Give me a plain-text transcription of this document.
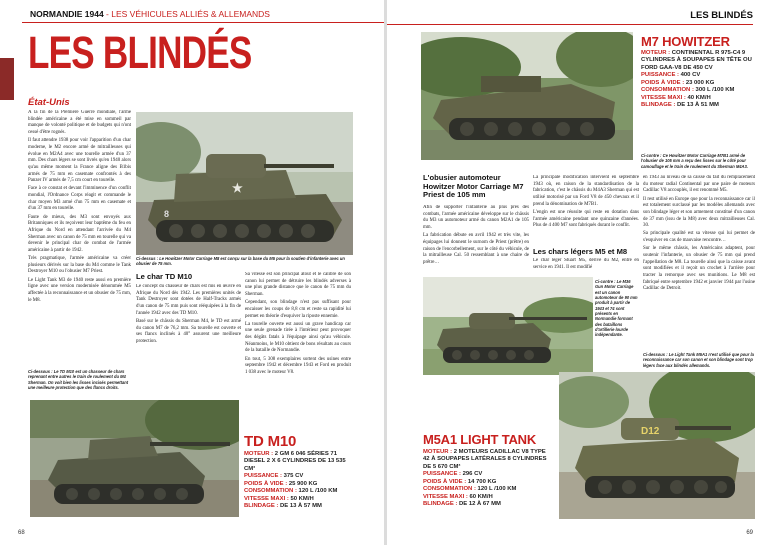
NORMANDIE 1944 - LES VÉHICULES ALLIÉS & ALLEMANDS
LES BLINDÉS
État-Unis

À la fin de la Première Guerre mondiale, l'arme blindée américaine a été mise en sommeil par manque de volonté politique et de budgets qui n'ont cessé d'être rognés.

Il faut attendre 1938 pour voir l'apparition d'un char moderne, le M2 encore armé de mitrailleuses qui évolue en M2A4 avec une tourelle armée d'un 37 mm. Des chars légers se sont livrés qu'en 1940 alors qu'au même moment la France aligne des B1bis armés de 75 mm en casemate confrontés à des Panzer IV armés de 7,5 cm court en tourelle.

Face à ce constat et devant l'imminence d'un conflit mondial, l'Ordnance Corps réagit et commande le char moyen M3 armé d'un 75 mm en casemate et d'un 37 mm en tourelle.

Faute de mieux, des M3 sont envoyés aux Britanniques et ils reçoivent leur baptême du feu en Afrique du Nord en attendant l'arrivée du M4 Sherman avec un canon de 75 mm en tourelle qui va devenir le principal char de combat de l'armée américaine à partir de 1942.

Très pragmatique, l'armée américaine va créer plusieurs dérivés sur la base du M4 comme le Tank Destroyer M10 ou l'obusier M7 Priest.

Le Light Tank M3 de 1940 reste aussi en première ligne avec une version modernisée dénommée M5 affectée à la reconnaissance et un obusier de 75 mm, le M8.

Ci-dessous : Le TD M10 est un chasseur de chars reprenant entre autres le train de roulement du M4 Sherman. On voit bien les lisses incisés permettant une meilleure protection que des flancs droits.
★
8
Ci-dessus : Le Howitzer Motor Carriage M8 est conçu sur la base du M5 pour la soutien d'infanterie avec un obusier de 75 mm.
Le char TD M10

Le concept du chasseur de chars est mis en œuvre en Afrique du Nord dès 1942. Les premières unités de Tank Destroyer sont dotées de Half-Tracks armés d'un canon de 75 mm puis sont rééquipées à la fin de l'année 1942 avec des TD M10.

Basé sur le châssis du Sherman M4, le TD est armé du canon M7 de 76,2 mm. Sa tourelle est ouverte et ses flancs inclinés à 40° assurent une meilleure protection.

Sa vitesse est son principal atout et le calibre de son canon lui permet de détruire les blindés adverses à une plus grande distance que le canon de 75 mm du Sherman.

Cependant, son blindage n'est pas suffisant pour encaisser les coups de 8,8 cm et reste sa rapidité lui permet en théorie d'esquiver la riposte ennemie.

La tourelle ouverte est aussi un grave handicap car une seule grenade tirée à l'intérieur peut provoquer des dégâts fatals à l'équipage ainsi qu'au véhicule. Néanmoins, le M10 obtient de bons résultats au cours de la bataille de Normandie.

En tout, 5 308 exemplaires sortent des usines entre septembre 1942 et décembre 1943 et Ford en produit 1 038 avec le moteur V8.

TD M10
MOTEUR : 2 GM 6 046 SÉRIES 71 DIESEL 2 X 6 CYLINDRES DE 13 535 CM³
PUISSANCE : 375 CV
POIDS À VIDE : 25 900 KG
CONSOMMATION : 120 L /100 KM
VITESSE MAXI : 50 KM/H
BLINDAGE : DE 13 À 57 MM
68
LES BLINDÉS
M7 HOWITZER
MOTEUR : CONTINENTAL R 975-C4 9 CYLINDRES À SOUPAPES EN TÊTE OU FORD GAA-V8 DE 450 CV
PUISSANCE : 400 CV
POIDS À VIDE : 23 000 KG
CONSOMMATION : 300 L /100 KM
VITESSE MAXI : 40 KM/H
BLINDAGE : DE 13 À 51 MM
Ci-contre : Ce Howitzer Motor Carriage M7B1 armé de l'obusier de 105 mm a reçu des lisses sur le côté pour camouflage et le train de roulement du Sherman M4A3.
L'obusier automoteur Howitzer Motor Carriage M7 Priest de 105 mm

Afin de supporter l'infanterie au plus près des combats, l'armée américaine développe sur le châssis du M3 un automoteur armé du canon M2A1 de 105 mm.

La fabrication débute en avril 1942 et très vite, les équipages lui donnent le surnom de Priest (prêtre) en raison de l'encorbellement, sur le côté du véhicule, de la mitrailleuse Cal. 50 ressemblant à une chaire de prêtre…

La principale modification intervient en septembre 1943 où, en raison de la standardisation de la fabrication, c'est le châssis du M4A3 Sherman qui est utilisé motorisé par un Ford V8 de 450 chevaux et il prend la dénomination de M7B1.

L'engin est une réussite qui reste en dotation dans l'armée américaine pendant une quinzaine d'années. Plus de 4 400 M7 sont fabriqués durant le conflit.

Les chars légers M5 et M8
Le char léger Stuart M5, dérivé du M2, entre en service en 1941. Il est modifié

en 1943 au niveau de sa caisse du fait du remplacement du moteur radial Continental par une paire de moteurs Cadillac V8 accouplés, il est renommé M5.

Il rest utilisé en Europe que pour la reconnaissance car il est totalement surclassé par les modèles allemands avec son blindage léger et son armement constitué d'un canon de 37 mm (issu de la M8) avec deux mitrailleuses Cal. 30.

Sa principale qualité est sa vitesse qui lui permet de s'esquiver en cas de mauvaise rencontre…

Sur le même châssis, les Américains adaptent, pour soutenir l'infanterie, un obusier de 75 mm qui prend l'appellation de M8. La tourelle ainsi que la caisse avant sont modifiées et il reçoit un crochet à l'arrière pour tracter la remorque avec ses munitions. Le M8 est fabriqué entre septembre 1942 et janvier 1944 par l'usine Cadillac de Detroit.

Ci-contre : Le M36 Gun Motor Carriage est un canon automoteur de 90 mm produit à partir de 1943 et 74 sont présents en Normandie formant des bataillons d'artillerie lourde indépendante.
Ci-dessous : Le Light Tank M5A1 n'est utilisé que pour la reconnaissance car son canon et son blindage sont trop légers face aux blindés allemands.
M5A1 LIGHT TANK
MOTEUR : 2 MOTEURS CADILLAC V8 TYPE 42 À SOUPAPES LATÉRALES 8 CYLINDRES DE 5 670 CM³
PUISSANCE : 296 CV
POIDS À VIDE : 14 700 KG
CONSOMMATION : 120 L /100 KM
VITESSE MAXI : 60 KM/H
BLINDAGE : DE 12 À 67 MM
D12
69
